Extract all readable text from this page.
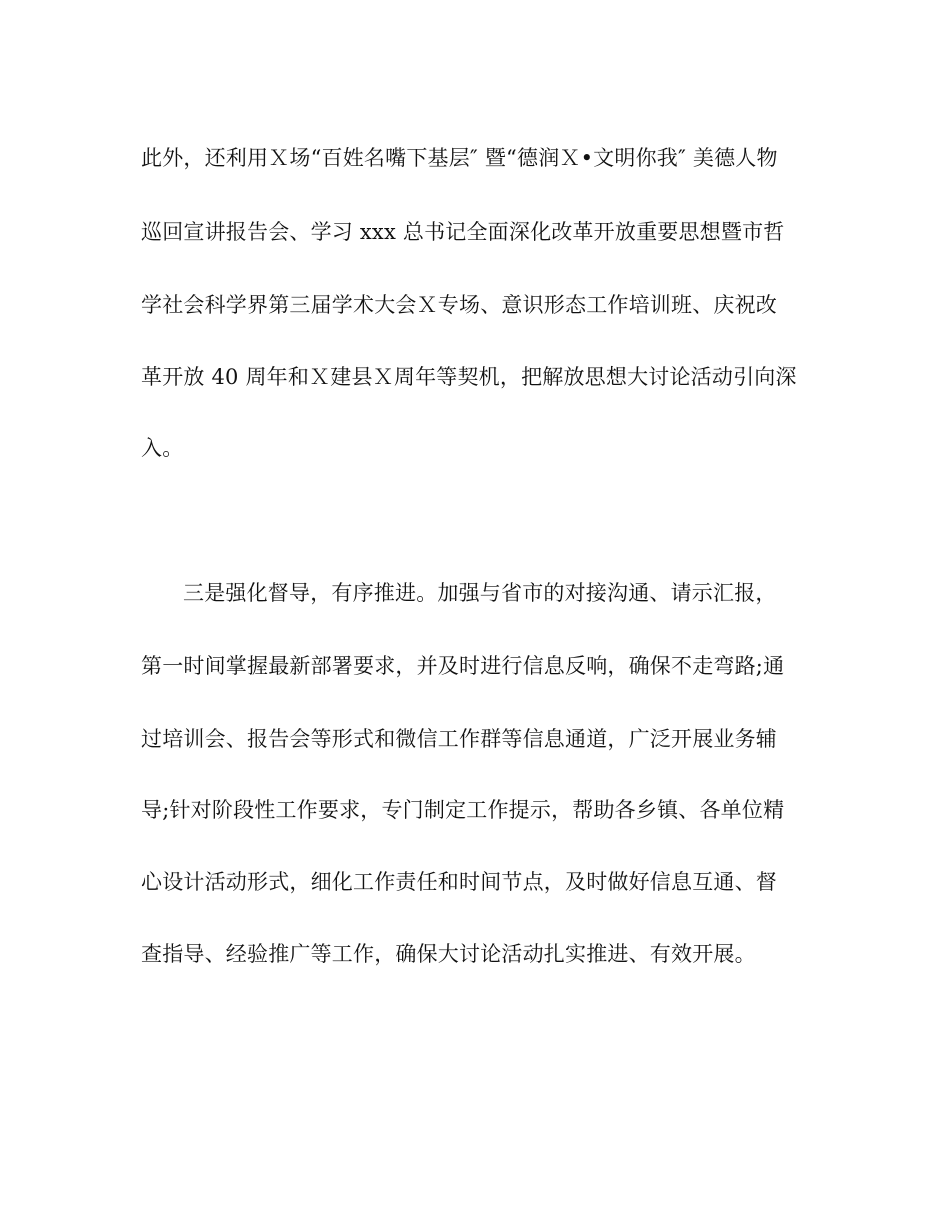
此外，还利用Ｘ场“百姓名嘴下基层″ 暨“德润Ｘ•文明你我″ 美德人物
巡回宣讲报告会、学习 xxx 总书记全面深化改革开放重要思想暨市哲
学社会科学界第三届学术大会Ｘ专场、意识形态工作培训班、庆祝改
革开放 40 周年和Ｘ建县Ｘ周年等契机，把解放思想大讨论活动引向深
入。
三是强化督导，有序推进。加强与省市的对接沟通、请示汇报，
第一时间掌握最新部署要求，并及时进行信息反响，确保不走弯路;通
过培训会、报告会等形式和微信工作群等信息通道，广泛开展业务辅
导;针对阶段性工作要求，专门制定工作提示，帮助各乡镇、各单位精
心设计活动形式，细化工作责任和时间节点，及时做好信息互通、督
查指导、经验推广等工作，确保大讨论活动扎实推进、有效开展。
